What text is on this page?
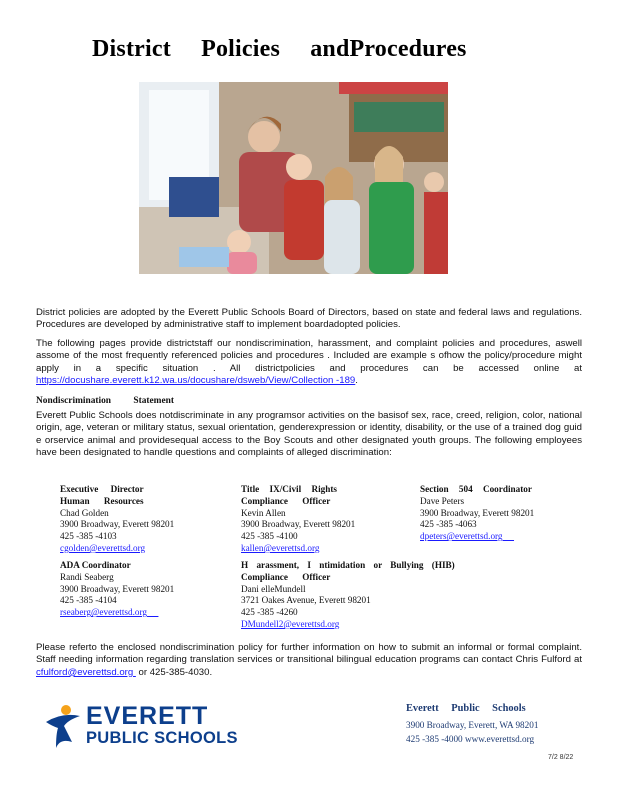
District Policies andProcedures

District policies are adopted by the Everett Public Schools Board of Directors, based on state and federal laws and regulations. Procedures are developed by administrative staff to implement boardadopted policies.

The following pages provide districtstaff our nondiscrimination, harassment, and complaint policies and procedures, aswell assome of the most frequently referenced policies and procedures . Included are example s ofhow the policy/procedure might apply in a specific situation . All districtpolicies and procedures can be accessed online at https://docushare.everett.k12.wa.us/docushare/dsweb/View/Collection -189.

Nondiscrimination Statement

Everett Public Schools does notdiscriminate in any programsor activities on the basisof sex, race, creed, religion, color, national origin, age, veteran or military status, sexual orientation, genderexpression or identity, disability, or the use of a trained dog guid e orservice animal and providesequal access to the Boy Scouts and other designated youth groups. The following employees have been designated to handle questions and complaints of alleged discrimination:

Executive Director
Human Resources
Chad Golden
3900 Broadway, Everett 98201
425 -385 -4103
cgolden@everettsd.org
Title IX/Civil Rights
Compliance Officer
Kevin Allen
3900 Broadway, Everett 98201
425 -385 -4100
kallen@everettsd.org
Section 504 Coordinator
Dave Peters
3900 Broadway, Everett 98201
425 -385 -4063
dpeters@everettsd.org
ADA Coordinator
Randi Seaberg
3900 Broadway, Everett 98201
425 -385 -4104
rseaberg@everettsd.org
H arassment, I ntimidation or Bullying (HIB)
Compliance Officer
Dani elleMundell
3721 Oakes Avenue, Everett 98201
425 -385 -4260
DMundell2@everettsd.org

Please referto the enclosed nondiscrimination policy for further information on how to submit an informal or formal complaint. Staff needing information regarding translation services or transitional bilingual education programs can contact Chris Fulford at cfulford@everettsd.org  or 425-385-4030.

EVERETT
PUBLIC SCHOOLS
Everett Public Schools
3900 Broadway, Everett, WA 98201
425 -385 -4000 www.everettsd.org
7/2 8/22
